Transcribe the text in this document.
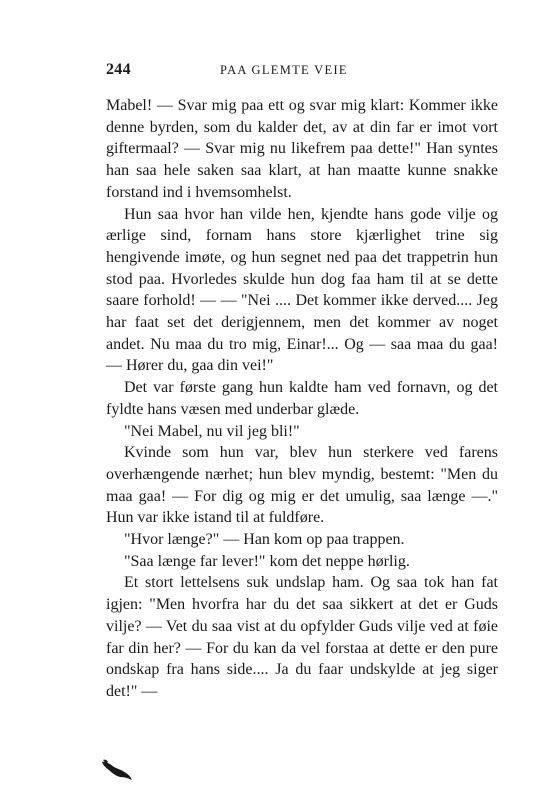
244	PAA GLEMTE VEIE

Mabel! — Svar mig paa ett og svar mig klart: Kommer ikke denne byrden, som du kalder det, av at din far er imot vort giftermaal? — Svar mig nu likefrem paa dette!" Han syntes han saa hele saken saa klart, at han maatte kunne snakke forstand ind i hvemsomhelst.

Hun saa hvor han vilde hen, kjendte hans gode vilje og ærlige sind, fornam hans store kjærlighet trine sig hengivende imøte, og hun segnet ned paa det trappetrin hun stod paa. Hvorledes skulde hun dog faa ham til at se dette saare forhold! — — "Nei .... Det kommer ikke derved.... Jeg har faat set det derigjennem, men det kommer av noget andet. Nu maa du tro mig, Einar!... Og — saa maa du gaa! — Hører du, gaa din vei!"

Det var første gang hun kaldte ham ved fornavn, og det fyldte hans væsen med underbar glæde.

"Nei Mabel, nu vil jeg bli!"

Kvinde som hun var, blev hun sterkere ved farens overhængende nærhet; hun blev myndig, bestemt: "Men du maa gaa! — For dig og mig er det umulig, saa længe —." Hun var ikke istand til at fuldføre.

"Hvor længe?" — Han kom op paa trappen.

"Saa længe far lever!" kom det neppe hørlig.

Et stort lettelsens suk undslap ham. Og saa tok han fat igjen: "Men hvorfra har du det saa sikkert at det er Guds vilje? — Vet du saa vist at du opfylder Guds vilje ved at føie far din her? — For du kan da vel forstaa at dette er den pure ondskap fra hans side.... Ja du faar undskylde at jeg siger det!" —
